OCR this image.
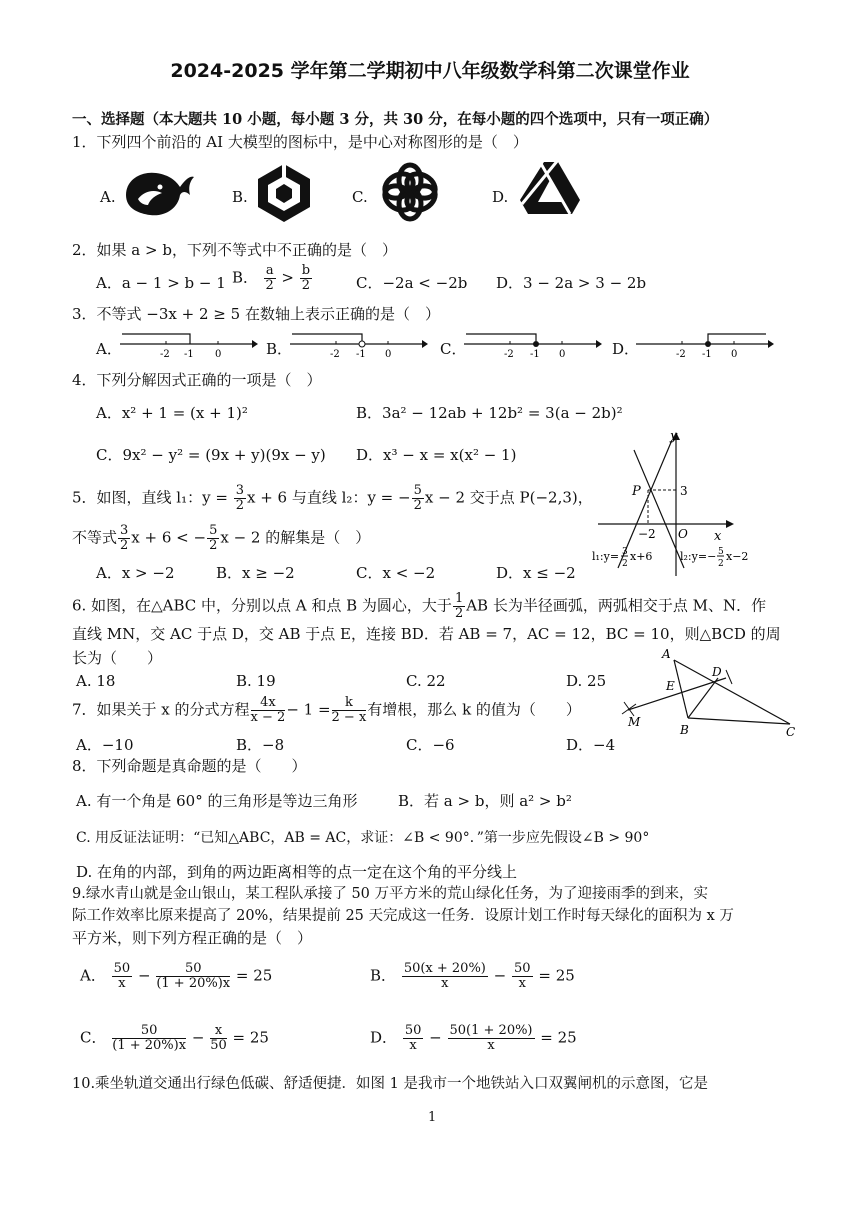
2024-2025 学年第二学期初中八年级数学科第二次课堂作业
一、选择题（本大题共 10 小题，每小题 3 分，共 30 分，在每小题的四个选项中，只有一项正确）
1．下列四个前沿的 AI 大模型的图标中，是中心对称图形的是（　）
A.	B.	C.	D.
2．如果 a > b，下列不等式中不正确的是（　）
A．a − 1 > b − 1 B． $\frac{a}{2} > \frac{b}{2}$	C．−2a < −2b D．3 − 2a > 3 − 2b
3．不等式 −3x + 2 ≥ 5 在数轴上表示正确的是（　）
A．	-2 -1 0	B．	-2 -1 0	C．	-2 -1 0	D．	-2 -1 0
4．下列分解因式正确的一项是（　）
A．x² + 1 = (x + 1)²	B．3a² − 12ab + 12b² = 3(a − 2b)²
C．9x² − y² = (9x + y)(9x − y) D．x³ − x = x(x² − 1)
5．如图，直线 l₁：$y = \frac{3}{2}$ x + 6 与直线 l₂：y = − $\frac{5}{2}$ x − 2 交于点 P(−2,3)，
不等式 $\frac{3}{2}$ x + 6 < − $\frac{5}{2}$ x − 2 的解集是（　）
A．x > −2	B．x ≥ −2	C．x < −2	D．x ≤ −2
y
x
P	3
−2 O
l₁:y= 3
2
x+6	l₂:y=− 5
2
x−2
6. 如图，在△ABC 中，分别以点 A 和点 B 为圆心，大于 $\frac{1}{2}$ AB 长为半径画弧，两弧相交于点 M、N．作
直线 MN，交 AC 于点 D，交 AB 于点 E，连接 BD．若 AB = 7，AC = 12，BC = 10，则△BCD 的周
长为（　　）
A. 18	B. 19	C. 22	D. 25
A
D
E
M
B	C
7．如果关于 x 的分式方程 $\frac{4x}{x - 2} - 1 = \frac{k}{2 - x}$ 有增根，那么 k 的值为（　　）
A．−10	B．−8	C．−6	D．−4
8．下列命题是真命题的是（　　）
A. 有一个角是 60° 的三角形是等边三角形	B．若 a > b，则 a² > b²
C. 用反证法证明：“已知△ABC，AB = AC，求证：∠B < 90°．”第一步应先假设∠B > 90°
D. 在角的内部，到角的两边距离相等的点一定在这个角的平分线上
9.绿水青山就是金山银山，某工程队承接了 50 万平方米的荒山绿化任务，为了迎接雨季的到来，实
际工作效率比原来提高了 20%，结果提前 25 天完成这一任务．设原计划工作时每天绿化的面积为 x 万
平方米，则下列方程正确的是（　）
A． $\frac{50}{x} - \frac{50}{(1 + 20\%)x} = 25$	B． $\frac{50(x + 20\%)}{x} - \frac{50}{x} = 25$
C． $\frac{50}{(1 + 20\%)x} - \frac{x}{50} = 25$	D． $\frac{50}{x} - \frac{50(1 + 20\%)}{x} = 25$
10.乘坐轨道交通出行绿色低碳、舒适便捷．如图 1 是我市一个地铁站入口双翼闸机的示意图，它是
1
